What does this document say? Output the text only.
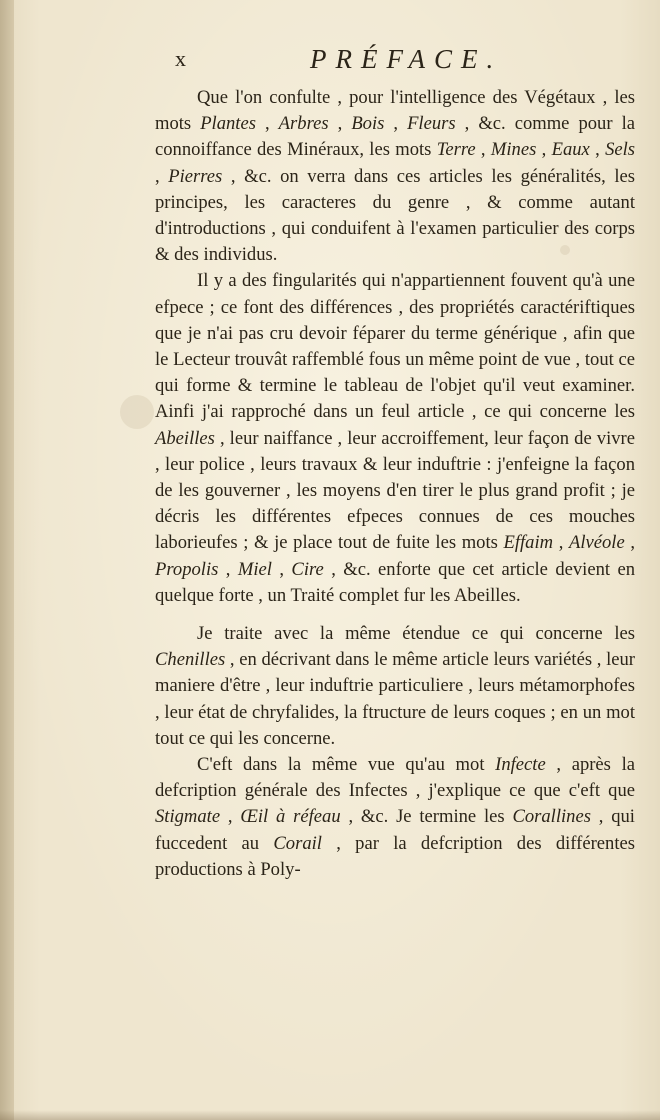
x	PRÉFACE.

Que l'on confulte , pour l'intelligence des Végétaux , les mots Plantes , Arbres , Bois , Fleurs , &c. comme pour la connoiffance des Minéraux, les mots Terre , Mines , Eaux , Sels , Pierres , &c. on verra dans ces articles les généralités, les principes, les caracteres du genre , & comme autant d'introductions , qui conduifent à l'examen particulier des corps & des individus.

Il y a des fingularités qui n'appartiennent fouvent qu'à une efpece ; ce font des différences , des propriétés caractériftiques que je n'ai pas cru devoir féparer du terme générique , afin que le Lecteur trouvât raffemblé fous un même point de vue , tout ce qui forme & termine le tableau de l'objet qu'il veut examiner. Ainfi j'ai rapproché dans un feul article , ce qui concerne les Abeilles , leur naiffance , leur accroiffement, leur façon de vivre , leur police , leurs travaux & leur induftrie : j'enfeigne la façon de les gouverner , les moyens d'en tirer le plus grand profit ; je décris les différentes efpeces connues de ces mouches laborieufes ; & je place tout de fuite les mots Effaim , Alvéole , Propolis , Miel , Cire , &c. enforte que cet article devient en quelque forte , un Traité complet fur les Abeilles.

Je traite avec la même étendue ce qui concerne les Chenilles , en décrivant dans le même article leurs variétés , leur maniere d'être , leur induftrie particuliere , leurs métamorphofes , leur état de chryfalides, la ftructure de leurs coques ; en un mot tout ce qui les concerne.

C'eft dans la même vue qu'au mot Infecte , après la defcription générale des Infectes , j'explique ce que c'eft que Stigmate , Œil à réfeau , &c. Je termine les Corallines , qui fuccedent au Corail , par la defcription des différentes productions à Poly-
